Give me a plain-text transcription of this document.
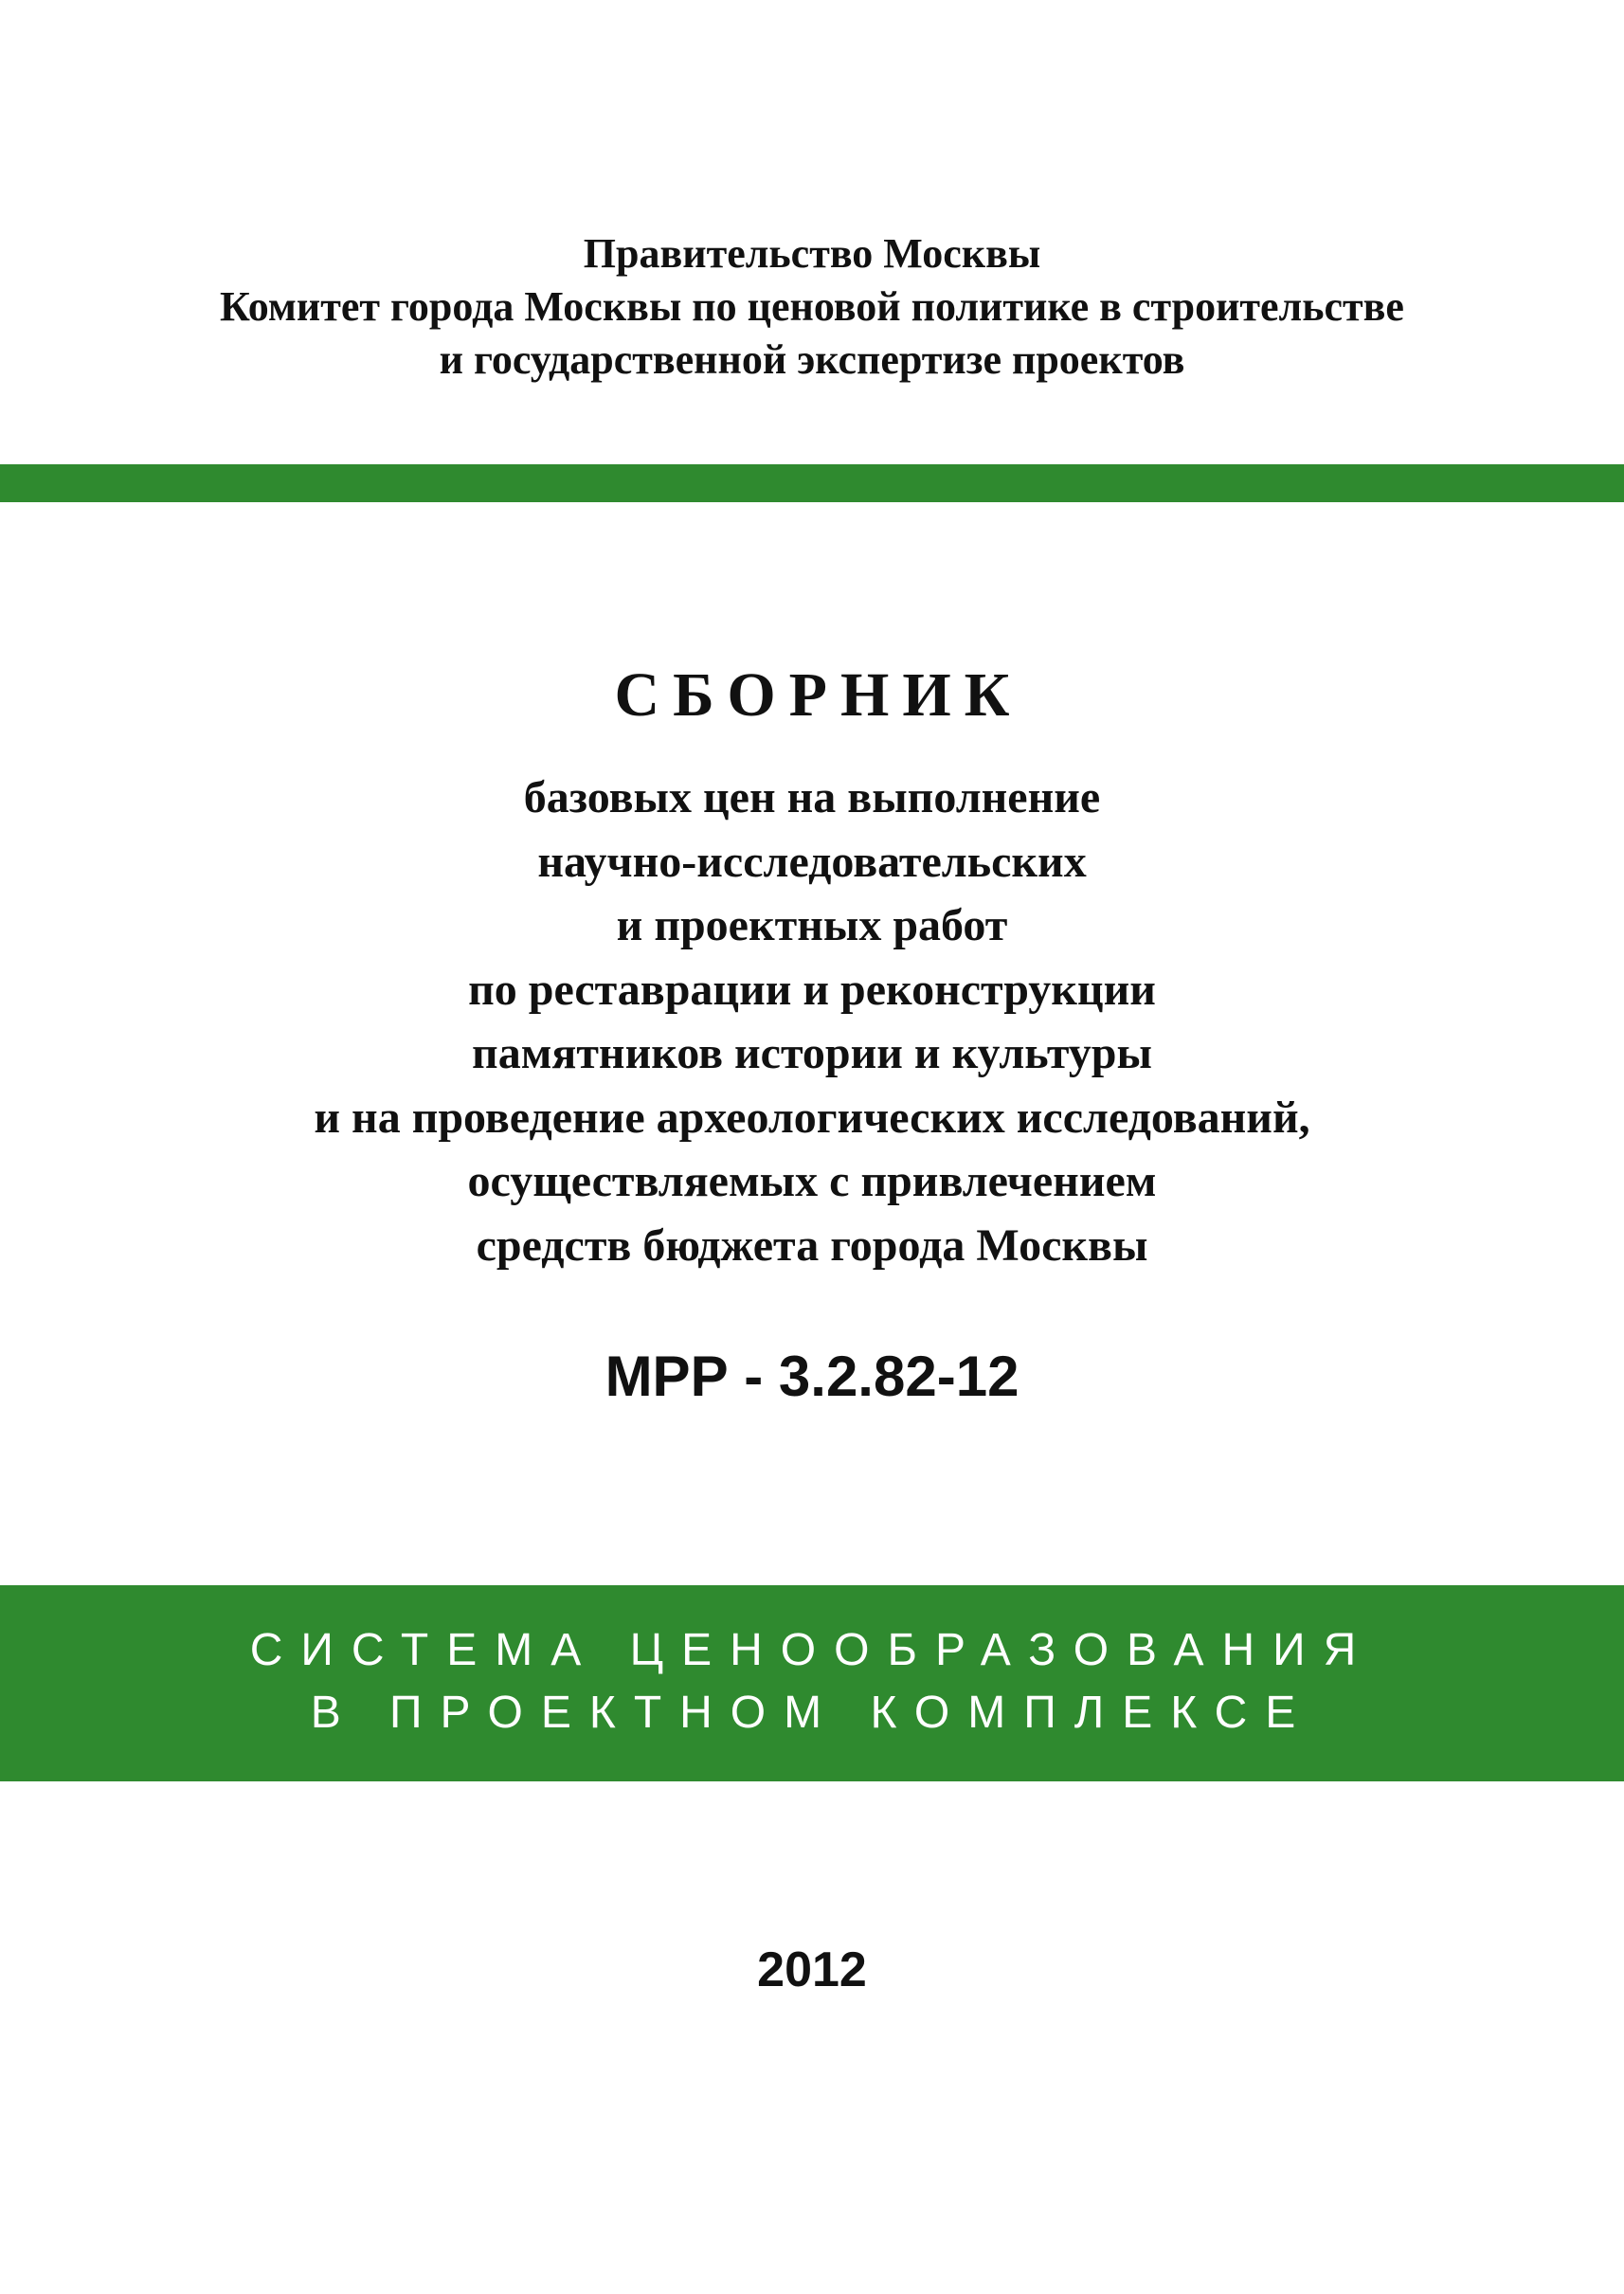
Правительство Москвы
Комитет города Москвы по ценовой политике в строительстве
и государственной экспертизе проектов
СБОРНИК
базовых цен на выполнение
научно-исследовательских
и проектных работ
по реставрации и реконструкции
памятников истории и культуры
и на проведение археологических исследований,
осуществляемых с привлечением
средств бюджета города Москвы
МРР - 3.2.82-12
СИСТЕМА ЦЕНООБРАЗОВАНИЯ
В ПРОЕКТНОМ КОМПЛЕКСЕ
2012
